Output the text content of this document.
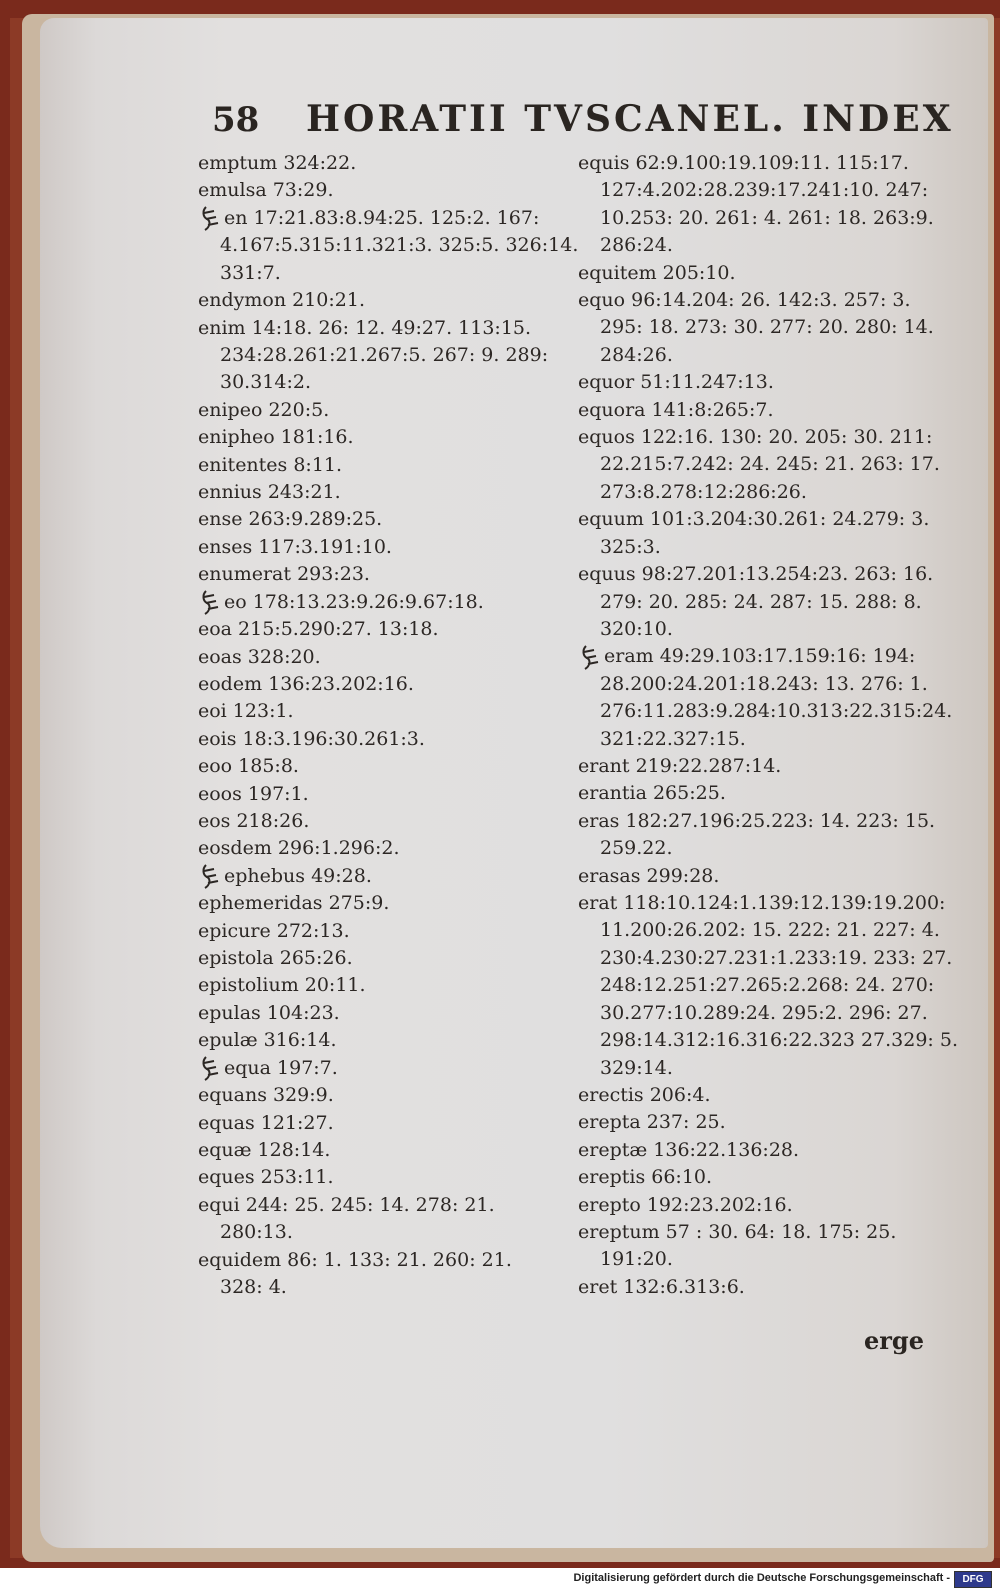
58 HORATII TVSCANEL. INDEX
emptum 324:22.
emulsa 73:29.
en 17:21.83:8.94:25. 125:2. 167:
4.167:5.315:11.321:3. 325:5. 326:14.
331:7.
endymon 210:21.
enim 14:18. 26: 12. 49:27. 113:15.
234:28.261:21.267:5. 267: 9. 289:
30.314:2.
enipeo 220:5.
enipheo 181:16.
enitentes 8:11.
ennius 243:21.
ense 263:9.289:25.
enses 117:3.191:10.
enumerat 293:23.
eo 178:13.23:9.26:9.67:18.
eoa 215:5.290:27. 13:18.
eoas 328:20.
eodem 136:23.202:16.
eoi 123:1.
eois 18:3.196:30.261:3.
eoo 185:8.
eoos 197:1.
eos 218:26.
eosdem 296:1.296:2.
ephebus 49:28.
ephemeridas 275:9.
epicure 272:13.
epistola 265:26.
epistolium 20:11.
epulas 104:23.
epulæ 316:14.
equa 197:7.
equans 329:9.
equas 121:27.
equæ 128:14.
eques 253:11.
equi 244: 25. 245: 14. 278: 21.
280:13.
equidem 86: 1. 133: 21. 260: 21.
328: 4.
equis 62:9.100:19.109:11. 115:17.
127:4.202:28.239:17.241:10. 247:
10.253: 20. 261: 4. 261: 18. 263:9.
286:24.
equitem 205:10.
equo 96:14.204: 26. 142:3. 257: 3.
295: 18. 273: 30. 277: 20. 280: 14.
284:26.
equor 51:11.247:13.
equora 141:8:265:7.
equos 122:16. 130: 20. 205: 30. 211:
22.215:7.242: 24. 245: 21. 263: 17.
273:8.278:12:286:26.
equum 101:3.204:30.261: 24.279: 3.
325:3.
equus 98:27.201:13.254:23. 263: 16.
279: 20. 285: 24. 287: 15. 288: 8.
320:10.
eram 49:29.103:17.159:16: 194:
28.200:24.201:18.243: 13. 276: 1.
276:11.283:9.284:10.313:22.315:24.
321:22.327:15.
erant 219:22.287:14.
erantia 265:25.
eras 182:27.196:25.223: 14. 223: 15.
259.22.
erasas 299:28.
erat 118:10.124:1.139:12.139:19.200:
11.200:26.202: 15. 222: 21. 227: 4.
230:4.230:27.231:1.233:19. 233: 27.
248:12.251:27.265:2.268: 24. 270:
30.277:10.289:24. 295:2. 296: 27.
298:14.312:16.316:22.323 27.329: 5.
329:14.
erectis 206:4.
erepta 237: 25.
ereptæ 136:22.136:28.
ereptis 66:10.
erepto 192:23.202:16.
ereptum 57 : 30. 64: 18. 175: 25.
191:20.
eret 132:6.313:6.
erge
Digitalisierung gefördert durch die Deutsche Forschungsgemeinschaft -	DFG
